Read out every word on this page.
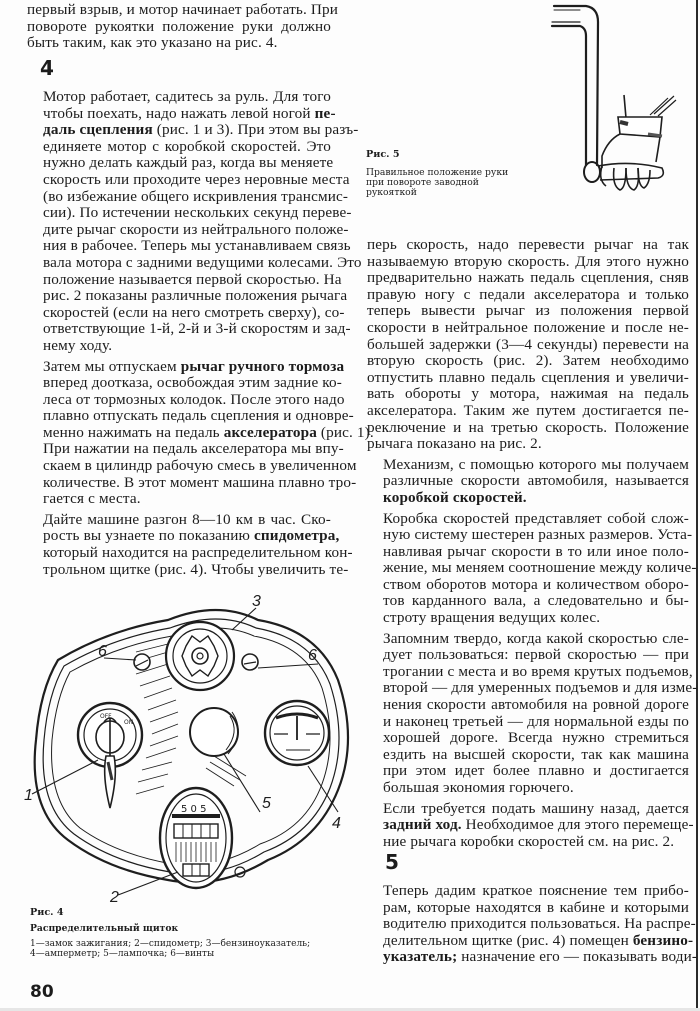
первый взрыв, и мотор начинает работать. При
повороте рукоятки положение руки должно
быть таким, как это указано на рис. 4.

4

Мотор работает, садитесь за руль. Для того
чтобы поехать, надо нажать левой ногой пе-
даль сцепления (рис. 1 и 3). При этом вы разъ-
единяете мотор с коробкой скоростей. Это
нужно делать каждый раз, когда вы меняете
скорость или проходите через неровные места
(во избежание общего искривления трансмис-
сии). По истечении нескольких секунд переве-
дите рычаг скорости из нейтрального положе-
ния в рабочее. Теперь мы устанавливаем связь
вала мотора с задними ведущими колесами. Это
положение называется первой скоростью. На
рис. 2 показаны различные положения рычага
скоростей (если на него смотреть сверху), со-
ответствующие 1-й, 2-й и 3-й скоростям и зад-
нему ходу.

Затем мы отпускаем рычаг ручного тормоза
вперед доотказа, освобождая этим задние ко-
леса от тормозных колодок. После этого надо
плавно отпускать педаль сцепления и одновре-
менно нажимать на педаль акселератора (рис. 1).
При нажатии на педаль акселератора мы впу-
скаем в цилиндр рабочую смесь в увеличенном
количестве. В этот момент машина плавно тро-
гается с места.

Дайте машине разгон 8—10 км в час. Ско-
рость вы узнаете по показанию спидометра,
который находится на распределительном кон-
трольном щитке (рис. 4). Чтобы увеличить те-

Рис. 5
Правильное положение руки
при повороте заводной
рукояткой

перь скорость, надо перевести рычаг на так
называемую вторую скорость. Для этого нужно
предварительно нажать педаль сцепления, сняв
правую ногу с педали акселератора и только
теперь вывести рычаг из положения первой
скорости в нейтральное положение и после не-
большей задержки (3—4 секунды) перевести на
вторую скорость (рис. 2). Затем необходимо
отпустить плавно педаль сцепления и увеличи-
вать обороты у мотора, нажимая на педаль
акселератора. Таким же путем достигается пе-
реключение и на третью скорость. Положение
рычага показано на рис. 2.

Механизм, с помощью которого мы получаем
различные скорости автомобиля, называется
коробкой скоростей.

Коробка скоростей представляет собой слож-
ную систему шестерен разных размеров. Уста-
навливая рычаг скорости в то или иное поло-
жение, мы меняем соотношение между количе-
ством оборотов мотора и количеством оборо-
тов карданного вала, а следовательно и бы-
строту вращения ведущих колес.

Запомним твердо, когда какой скоростью сле-
дует пользоваться: первой скоростью — при
трогании с места и во время крутых подъемов,
второй — для умеренных подъемов и для изме-
нения скорости автомобиля на ровной дороге
и наконец третьей — для нормальной езды по
хорошей дороге. Всегда нужно стремиться
ездить на высшей скорости, так как машина
при этом идет более плавно и достигается
большая экономия горючего.

Если требуется подать машину назад, дается
задний ход. Необходимое для этого перемеще-
ние рычага коробки скоростей см. на рис. 2.

5

Теперь дадим краткое пояснение тем прибо-
рам, которые находятся в кабине и которыми
водителю приходится пользоваться. На распре-
делительном щитке (рис. 4) помещен бензино-
указатель; назначение его — показывать води-

OFF
ON
5 0 5
1
2
3
4
5
6	6
Рис. 4
Распределительный щиток
1—замок зажигания; 2—спидометр; 3—бензиноуказатель;
4—амперметр; 5—лампочка; 6—винты
80
